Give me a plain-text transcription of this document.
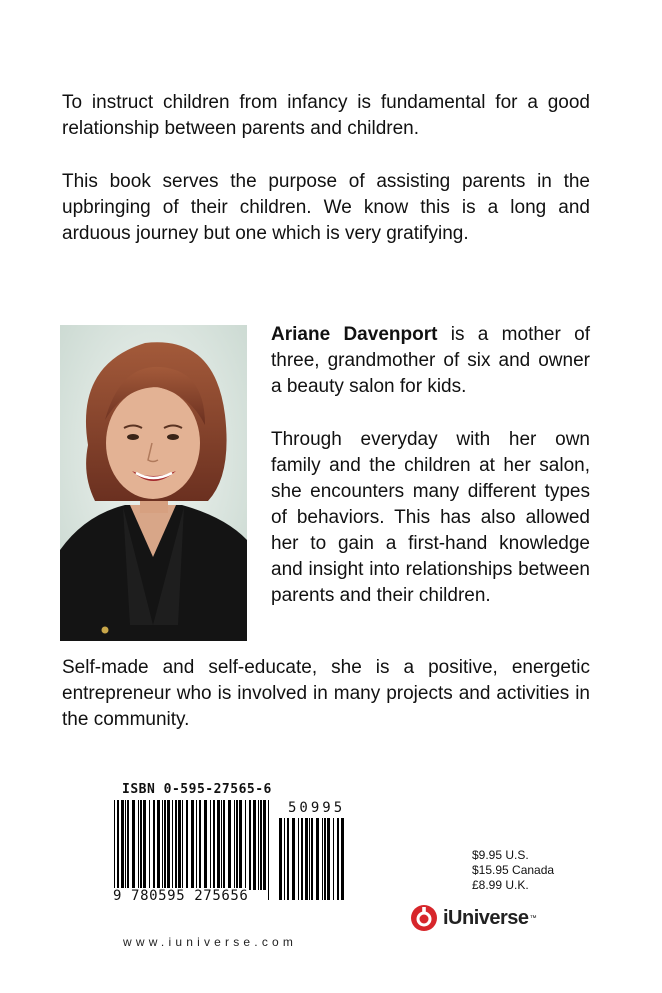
To instruct children from infancy is fundamental for a good relationship between parents and children.

This book serves the purpose of assisting parents in the upbringing of their children. We know this is a long and arduous journey but one which is very gratifying.

Ariane Davenport is a mother of three, grandmother of six and owner a beauty salon for kids.

Through everyday with her own family and the children at her salon, she encounters many different types of behaviors. This has also allowed her to gain a first-hand knowledge and insight into relationships between parents and their children.

Self-made and self-educate, she is a positive, energetic entrepreneur who is involved in many projects and activities in the community.

ISBN 0-595-27565-6
50995
9 780595 275656
$9.95 U.S.
$15.95 Canada
£8.99 U.K.
iUniverse ™
www.iuniverse.com
